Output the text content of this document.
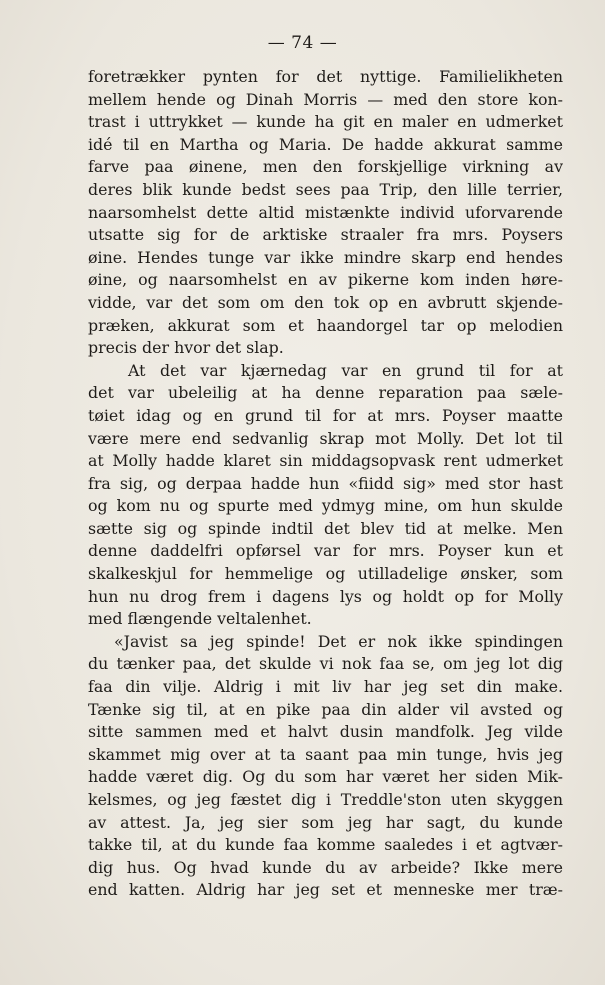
— 74 —
foretrækker pynten for det nyttige. Familielikheten
mellem hende og Dinah Morris — med den store kon-
trast i uttrykket — kunde ha git en maler en udmerket
idé til en Martha og Maria. De hadde akkurat samme
farve paa øinene, men den forskjellige virkning av
deres blik kunde bedst sees paa Trip, den lille terrier,
naarsomhelst dette altid mistænkte individ uforvarende
utsatte sig for de arktiske straaler fra mrs. Poysers
øine. Hendes tunge var ikke mindre skarp end hendes
øine, og naarsomhelst en av pikerne kom inden høre-
vidde, var det som om den tok op en avbrutt skjende-
præken, akkurat som et haandorgel tar op melodien
precis der hvor det slap.
At det var kjærnedag var en grund til for at
det var ubeleilig at ha denne reparation paa sæle-
tøiet idag og en grund til for at mrs. Poyser maatte
være mere end sedvanlig skrap mot Molly. Det lot til
at Molly hadde klaret sin middagsopvask rent udmerket
fra sig, og derpaa hadde hun «fiidd sig» med stor hast
og kom nu og spurte med ydmyg mine, om hun skulde
sætte sig og spinde indtil det blev tid at melke. Men
denne daddelfri opførsel var for mrs. Poyser kun et
skalkeskjul for hemmelige og utilladelige ønsker, som
hun nu drog frem i dagens lys og holdt op for Molly
med flængende veltalenhet.
«Javist sa jeg spinde! Det er nok ikke spindingen
du tænker paa, det skulde vi nok faa se, om jeg lot dig
faa din vilje. Aldrig i mit liv har jeg set din make.
Tænke sig til, at en pike paa din alder vil avsted og
sitte sammen med et halvt dusin mandfolk. Jeg vilde
skammet mig over at ta saant paa min tunge, hvis jeg
hadde været dig. Og du som har været her siden Mik-
kelsmes, og jeg fæstet dig i Treddle'ston uten skyggen
av attest. Ja, jeg sier som jeg har sagt, du kunde
takke til, at du kunde faa komme saaledes i et agtvær-
dig hus. Og hvad kunde du av arbeide? Ikke mere
end katten. Aldrig har jeg set et menneske mer træ-
